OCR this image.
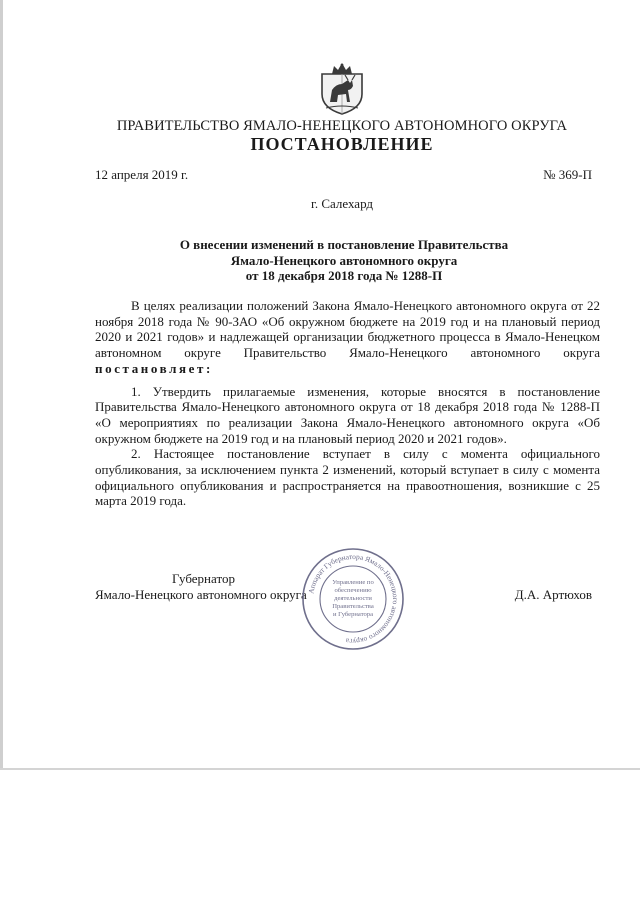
ПРАВИТЕЛЬСТВО ЯМАЛО-НЕНЕЦКОГО АВТОНОМНОГО ОКРУГА
ПОСТАНОВЛЕНИЕ
12 апреля 2019 г.	№ 369-П
г. Салехард
О внесении изменений в постановление Правительства
Ямало-Ненецкого автономного округа
от 18 декабря 2018 года № 1288-П

В целях реализации положений Закона Ямало-Ненецкого автономного округа от 22 ноября 2018 года № 90-ЗАО «Об окружном бюджете на 2019 год и на плановый период 2020 и 2021 годов» и надлежащей организации бюджетного процесса в Ямало-Ненецком автономном округе Правительство Ямало-Ненецкого автономного округа постановляет:

1. Утвердить прилагаемые изменения, которые вносятся в постановление Правительства Ямало-Ненецкого автономного округа от 18 декабря 2018 года № 1288-П «О мероприятиях по реализации Закона Ямало-Ненецкого автономного округа «Об окружном бюджете на 2019 год и на плановый период 2020 и 2021 годов».

2. Настоящее постановление вступает в силу с момента официального опубликования, за исключением пункта 2 изменений, который вступает в силу с момента официального опубликования и распространяется на правоотношения, возникшие с 25 марта 2019 года.

Губернатор
Ямало-Ненецкого автономного округа	Д.А. Артюхов
Аппарат Губернатора Ямало-Ненецкого автономного округа
Управление по
обеспечению
деятельности
Правительства
и Губернатора
